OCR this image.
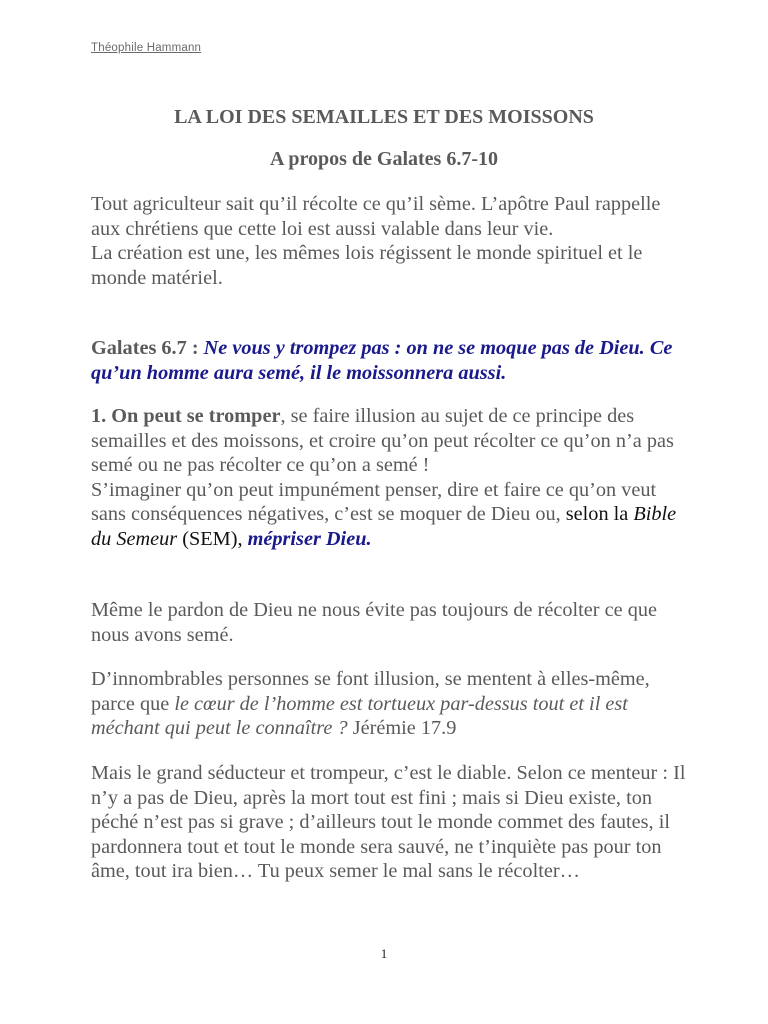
Théophile Hammann
LA LOI DES SEMAILLES ET DES MOISSONS
A propos de Galates 6.7-10
Tout agriculteur sait qu’il récolte ce qu’il sème. L’apôtre Paul rappelle aux chrétiens que cette loi est aussi valable dans leur vie.
La création est une, les mêmes lois régissent le monde spirituel et le monde matériel.
Galates 6.7 : Ne vous y trompez pas : on ne se moque pas de Dieu. Ce qu’un homme aura semé, il le moissonnera aussi.
1. On peut se tromper, se faire illusion au sujet de ce principe des semailles et des moissons, et croire qu’on peut récolter ce qu’on n’a pas semé ou ne pas récolter ce qu’on a semé !
S’imaginer qu’on peut impunément penser, dire et faire ce qu’on veut sans conséquences négatives, c’est se moquer de Dieu ou, selon la Bible du Semeur (SEM), mépriser Dieu.
Même le pardon de Dieu ne nous évite pas toujours de récolter ce que nous avons semé.
D’innombrables personnes se font illusion, se mentent à elles-même, parce que le cœur de l’homme est tortueux par-dessus tout et il est méchant qui peut le connaître ? Jérémie 17.9
Mais le grand séducteur et trompeur, c’est le diable. Selon ce menteur : Il n’y a pas de Dieu, après la mort tout est fini ; mais si Dieu existe, ton péché n’est pas si grave ; d’ailleurs tout le monde commet des fautes, il pardonnera tout et tout le monde sera sauvé, ne t’inquiète pas pour ton âme, tout ira bien… Tu peux semer le mal sans le récolter…
1
